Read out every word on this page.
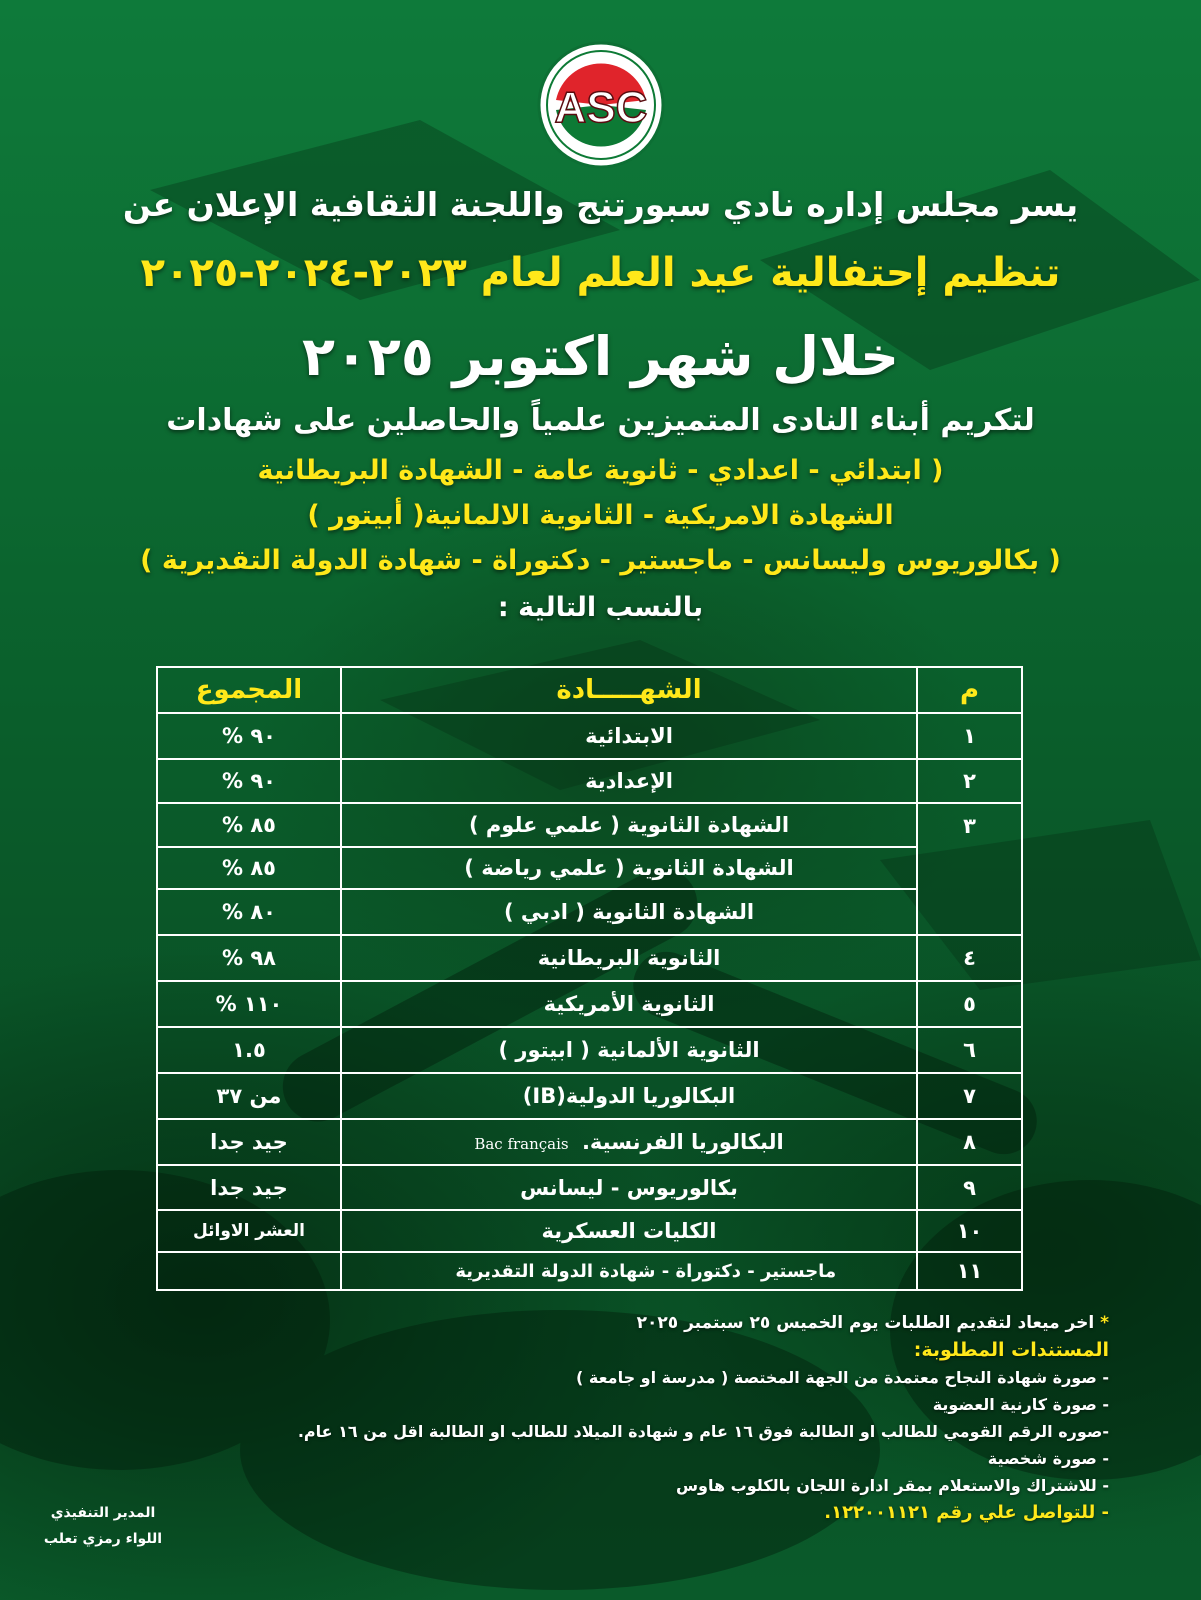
ASC
يسر مجلس إداره نادي سبورتنج واللجنة الثقافية الإعلان عن
تنظيم إحتفالية عيد العلم لعام ٢٠٢٣-٢٠٢٤-٢٠٢٥
خلال شهر اكتوبر ٢٠٢٥
لتكريم أبناء النادى المتميزين علمياً والحاصلين على شهادات
( ابتدائي - اعدادي - ثانوية عامة - الشهادة البريطانية
الشهادة الامريكية - الثانوية الالمانية( أبيتور )
( بكالوريوس وليسانس - ماجستير - دكتوراة - شهادة الدولة التقديرية )
بالنسب التالية :
م	الشهـــــادة	المجموع
١	الابتدائية	٩٠ %
٢	الإعدادية	٩٠ %
٣	الشهادة الثانوية ( علمي علوم )	٨٥ %
	الشهادة الثانوية ( علمي رياضة )	٨٥ %
	الشهادة الثانوية ( ادبي )	٨٠ %
٤	الثانوية البريطانية	٩٨ %
٥	الثانوية الأمريكية	١١٠ %
٦	الثانوية الألمانية ( ابيتور )	١.٥
٧	البكالوريا الدولية(IB)	من ٣٧
٨	البكالوريا الفرنسية. Bac français	جيد جدا
٩	بكالوريوس - ليسانس	جيد جدا
١٠	الكليات العسكرية	العشر الاوائل
١١	ماجستير - دكتوراة - شهادة الدولة التقديرية	
* اخر ميعاد لتقديم الطلبات يوم الخميس ٢٥ سبتمبر ٢٠٢٥
المستندات المطلوبة:
- صورة شهادة النجاح معتمدة من الجهة المختصة ( مدرسة او جامعة )
- صورة كارنية العضوية
-صوره الرقم القومي للطالب او الطالبة فوق ١٦ عام و شهادة الميلاد للطالب او الطالبة اقل من ١٦ عام.
- صورة شخصية
- للاشتراك والاستعلام بمقر ادارة اللجان بالكلوب هاوس
- للتواصل علي رقم ١٢٢٠٠١١٢١.
المدير التنفيذي
اللواء رمزي تعلب
